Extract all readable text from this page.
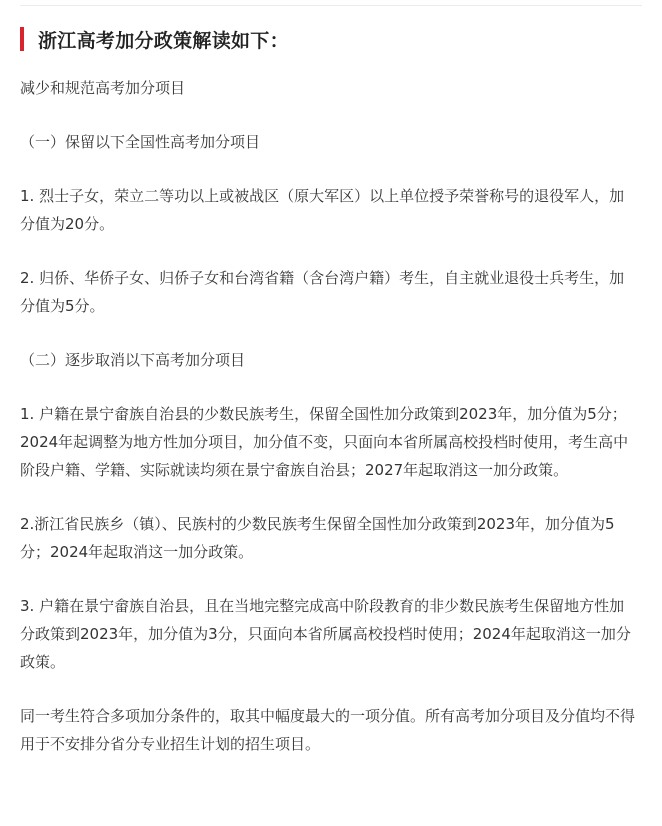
浙江高考加分政策解读如下：

减少和规范高考加分项目

（一）保留以下全国性高考加分项目

1. 烈士子女，荣立二等功以上或被战区（原大军区）以上单位授予荣誉称号的退役军人，加分值为20分。

2. 归侨、华侨子女、归侨子女和台湾省籍（含台湾户籍）考生，自主就业退役士兵考生，加分值为5分。

（二）逐步取消以下高考加分项目

1. 户籍在景宁畲族自治县的少数民族考生，保留全国性加分政策到2023年，加分值为5分；2024年起调整为地方性加分项目，加分值不变，只面向本省所属高校投档时使用，考生高中阶段户籍、学籍、实际就读均须在景宁畲族自治县；2027年起取消这一加分政策。

2.浙江省民族乡（镇）、民族村的少数民族考生保留全国性加分政策到2023年，加分值为5分；2024年起取消这一加分政策。

3. 户籍在景宁畲族自治县，且在当地完整完成高中阶段教育的非少数民族考生保留地方性加分政策到2023年，加分值为3分，只面向本省所属高校投档时使用；2024年起取消这一加分政策。

同一考生符合多项加分条件的，取其中幅度最大的一项分值。所有高考加分项目及分值均不得用于不安排分省分专业招生计划的招生项目。
